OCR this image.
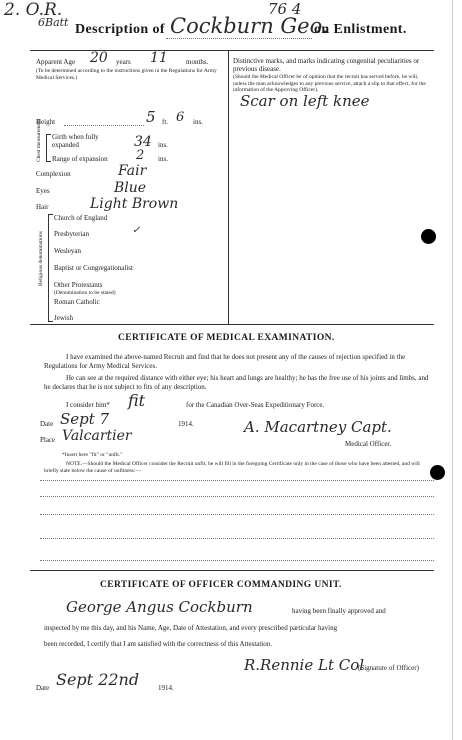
2. O.R.
6Batt Description of Cockburn Geo.
76 4
on Enlistment.
Apparent Age 20 years 11	months.
(To be determined according to the instructions given in the Regulations for Army Medical Services.)
Distinctive marks, and marks indicating congenital peculiarities or previous disease.
(Should the Medical Officer be of opinion that the recruit has served before, he will, unless the man acknowledges to any previous service, attach a slip to that effect, for the information of the Approving Officer).
Scar on left knee
Height	5 ft. 6 ins.
Chest measurement Girth when fully expanded	34 ins.
Range of expansion 2 ins.
Complexion	Fair
Eyes	Blue
Hair	Light Brown
Religious denominations
Church of England
Presbyterian	✓
Wesleyan
Baptist or Congregationalist
Other Protestants
(Denomination to be stated)
Roman Catholic
Jewish
CERTIFICATE OF MEDICAL EXAMINATION.
I have examined the above-named Recruit and find that he does not present any of the causes of rejection specified in the Regulations for Army Medical Services.
He can see at the required distance with either eye; his heart and lungs are healthy; he has the free use of his joints and limbs, and he declares that he is not subject to fits of any description.
I consider him* fit	for the Canadian Over-Seas Expeditionary Force.
Date Sept 7	1914.
Place Valcartier	A. Macartney Capt.
Medical Officer.
*Insert here "fit" or "unfit."
NOTE.—Should the Medical Officer consider the Recruit unfit, he will fill in the foregoing Certificate only in the case of those who have been attested, and will briefly state below the cause of unfitness:—
CERTIFICATE OF OFFICER COMMANDING UNIT.
George Angus Cockburn	having been finally approved and
inspected by me this day, and his Name, Age, Date of Attestation, and every prescribed particular having
been recorded, I certify that I am satisfied with the correctness of this Attestation.
R.Rennie Lt Col
(Signature of Officer)
Date Sept 22nd	1914.
